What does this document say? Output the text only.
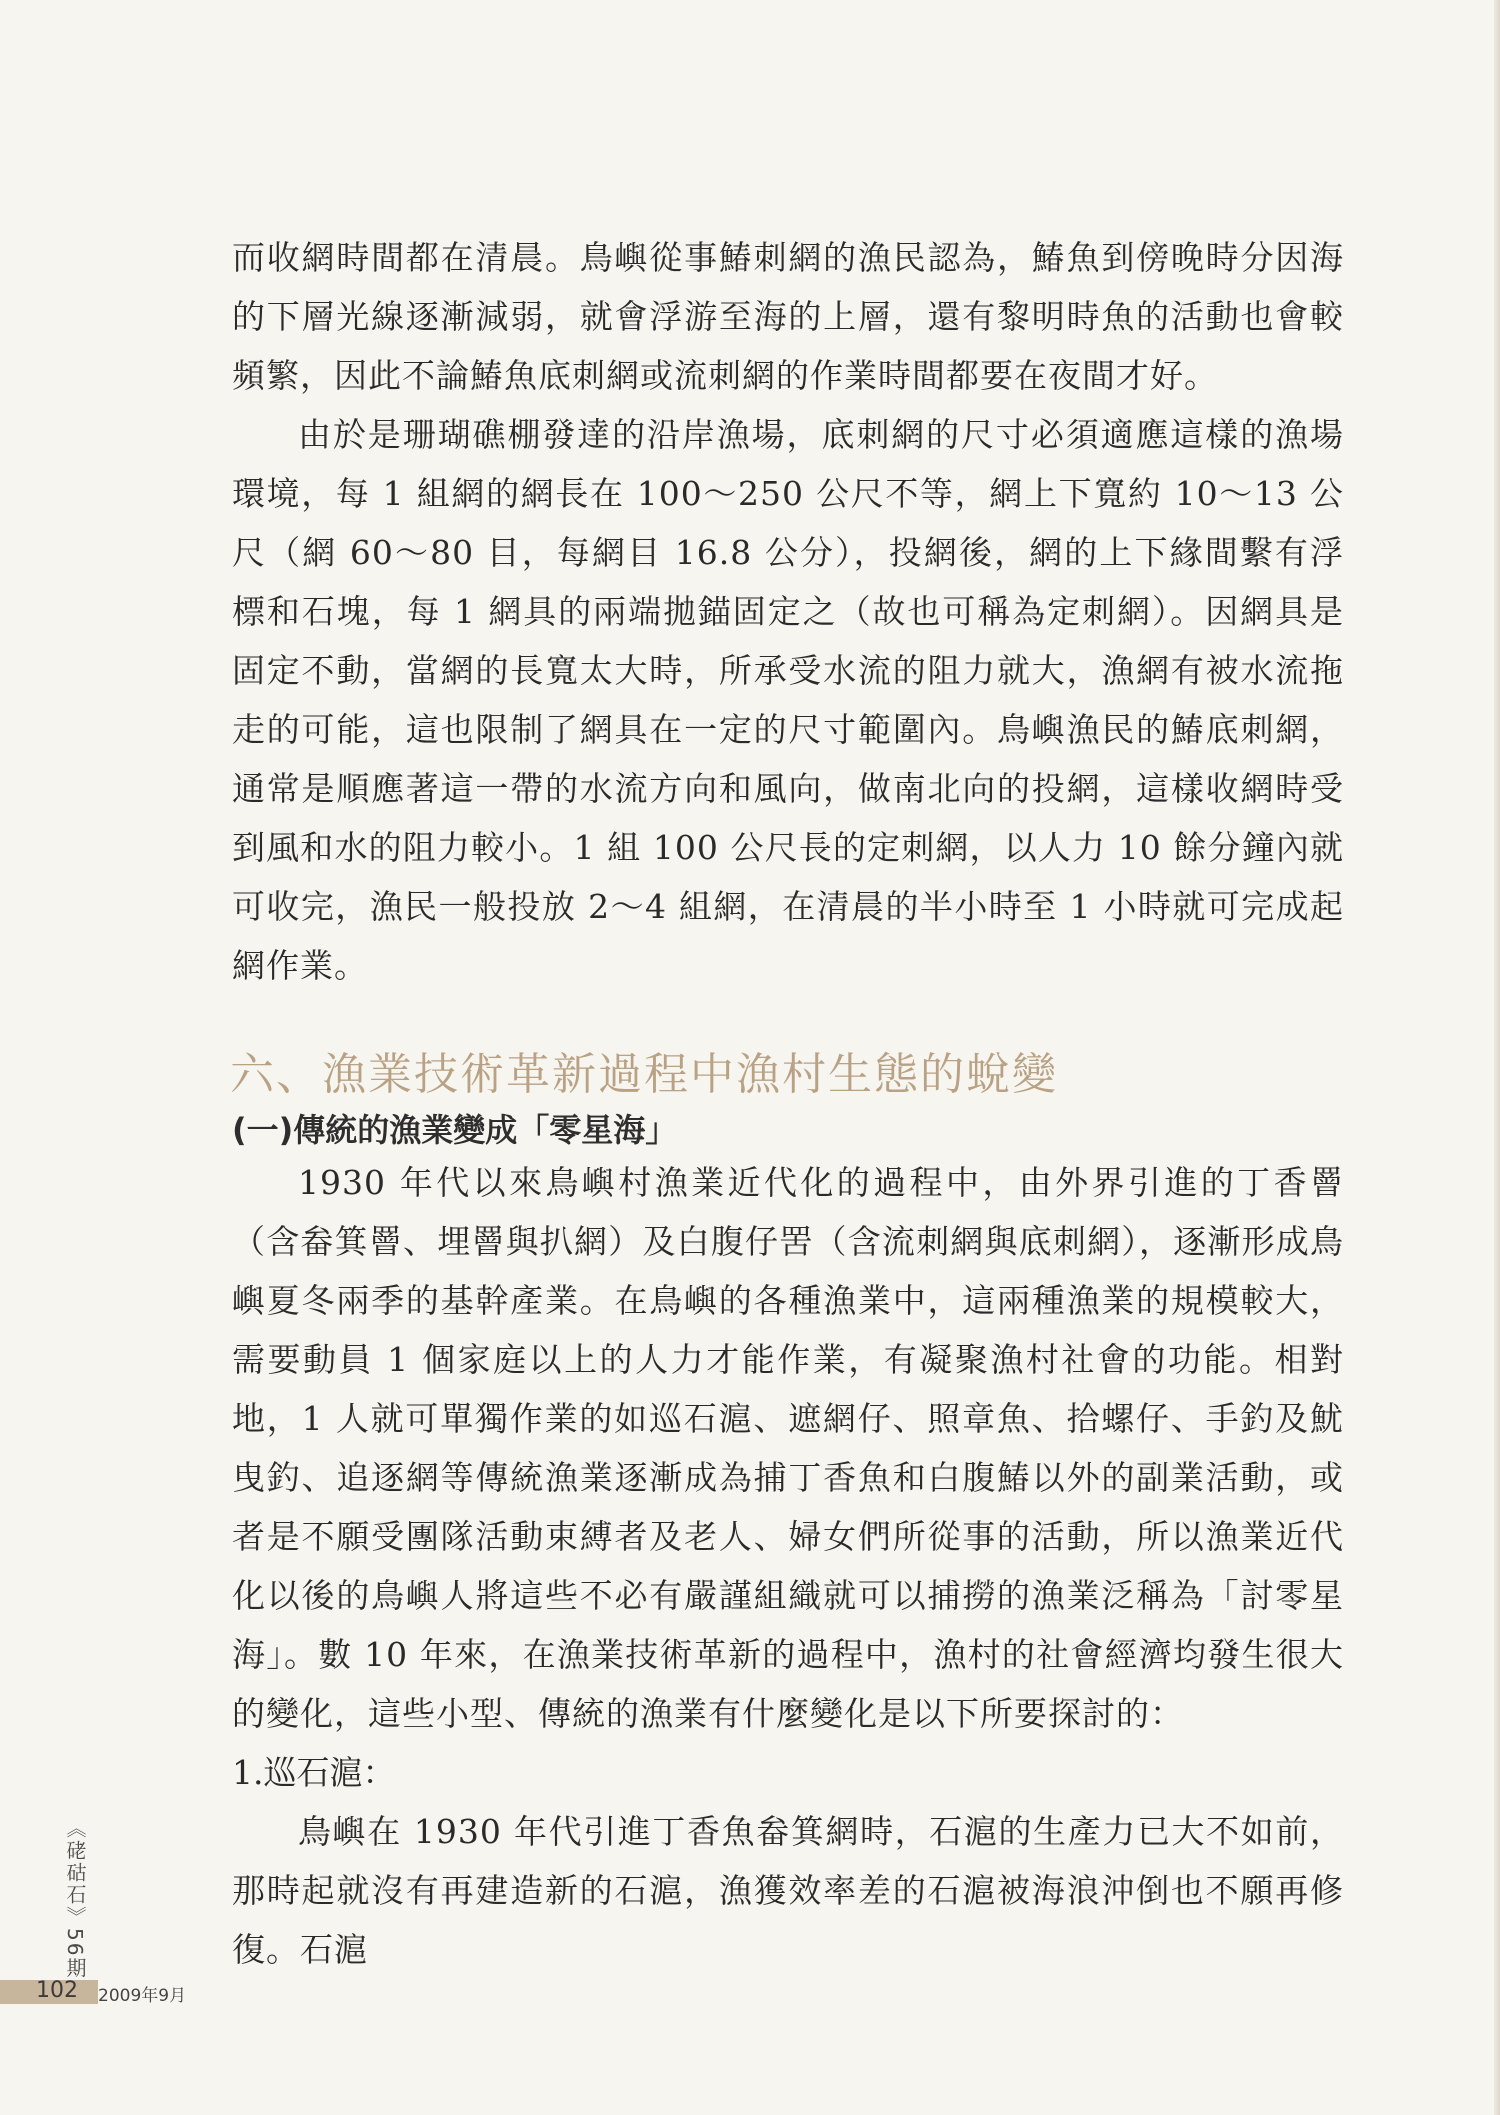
而收網時間都在清晨。鳥嶼從事鰆刺網的漁民認為，鰆魚到傍晚時分因海的下層光線逐漸減弱，就會浮游至海的上層，還有黎明時魚的活動也會較頻繁，因此不論鰆魚底刺網或流刺網的作業時間都要在夜間才好。

由於是珊瑚礁棚發達的沿岸漁場，底刺網的尺寸必須適應這樣的漁場環境，每 1 組網的網長在 100～250 公尺不等，網上下寬約 10～13 公尺（網 60～80 目，每網目 16.8 公分），投網後，網的上下緣間繫有浮標和石塊，每 1 網具的兩端拋錨固定之（故也可稱為定刺網）。因網具是固定不動，當網的長寬太大時，所承受水流的阻力就大，漁網有被水流拖走的可能，這也限制了網具在一定的尺寸範圍內。鳥嶼漁民的鰆底刺網，通常是順應著這一帶的水流方向和風向，做南北向的投網，這樣收網時受到風和水的阻力較小。1 組 100 公尺長的定刺網，以人力 10 餘分鐘內就可收完，漁民一般投放 2～4 組網，在清晨的半小時至 1 小時就可完成起網作業。

六、漁業技術革新過程中漁村生態的蛻變
(一)傳統的漁業變成「零星海」

1930 年代以來鳥嶼村漁業近代化的過程中，由外界引進的丁香罾（含畚箕罾、埋罾與扒網）及白腹仔罟（含流刺網與底刺網），逐漸形成鳥嶼夏冬兩季的基幹產業。在鳥嶼的各種漁業中，這兩種漁業的規模較大，需要動員 1 個家庭以上的人力才能作業，有凝聚漁村社會的功能。相對地，1 人就可單獨作業的如巡石滬、遮網仔、照章魚、拾螺仔、手釣及魷曳釣、追逐網等傳統漁業逐漸成為捕丁香魚和白腹鰆以外的副業活動，或者是不願受團隊活動束縛者及老人、婦女們所從事的活動，所以漁業近代化以後的鳥嶼人將這些不必有嚴謹組織就可以捕撈的漁業泛稱為「討零星海」。數 10 年來，在漁業技術革新的過程中，漁村的社會經濟均發生很大的變化，這些小型、傳統的漁業有什麼變化是以下所要探討的：

1.巡石滬：

鳥嶼在 1930 年代引進丁香魚畚箕網時，石滬的生產力已大不如前，那時起就沒有再建造新的石滬，漁獲效率差的石滬被海浪沖倒也不願再修復。石滬

《硓𥑮石》56期
102 2009年9月
